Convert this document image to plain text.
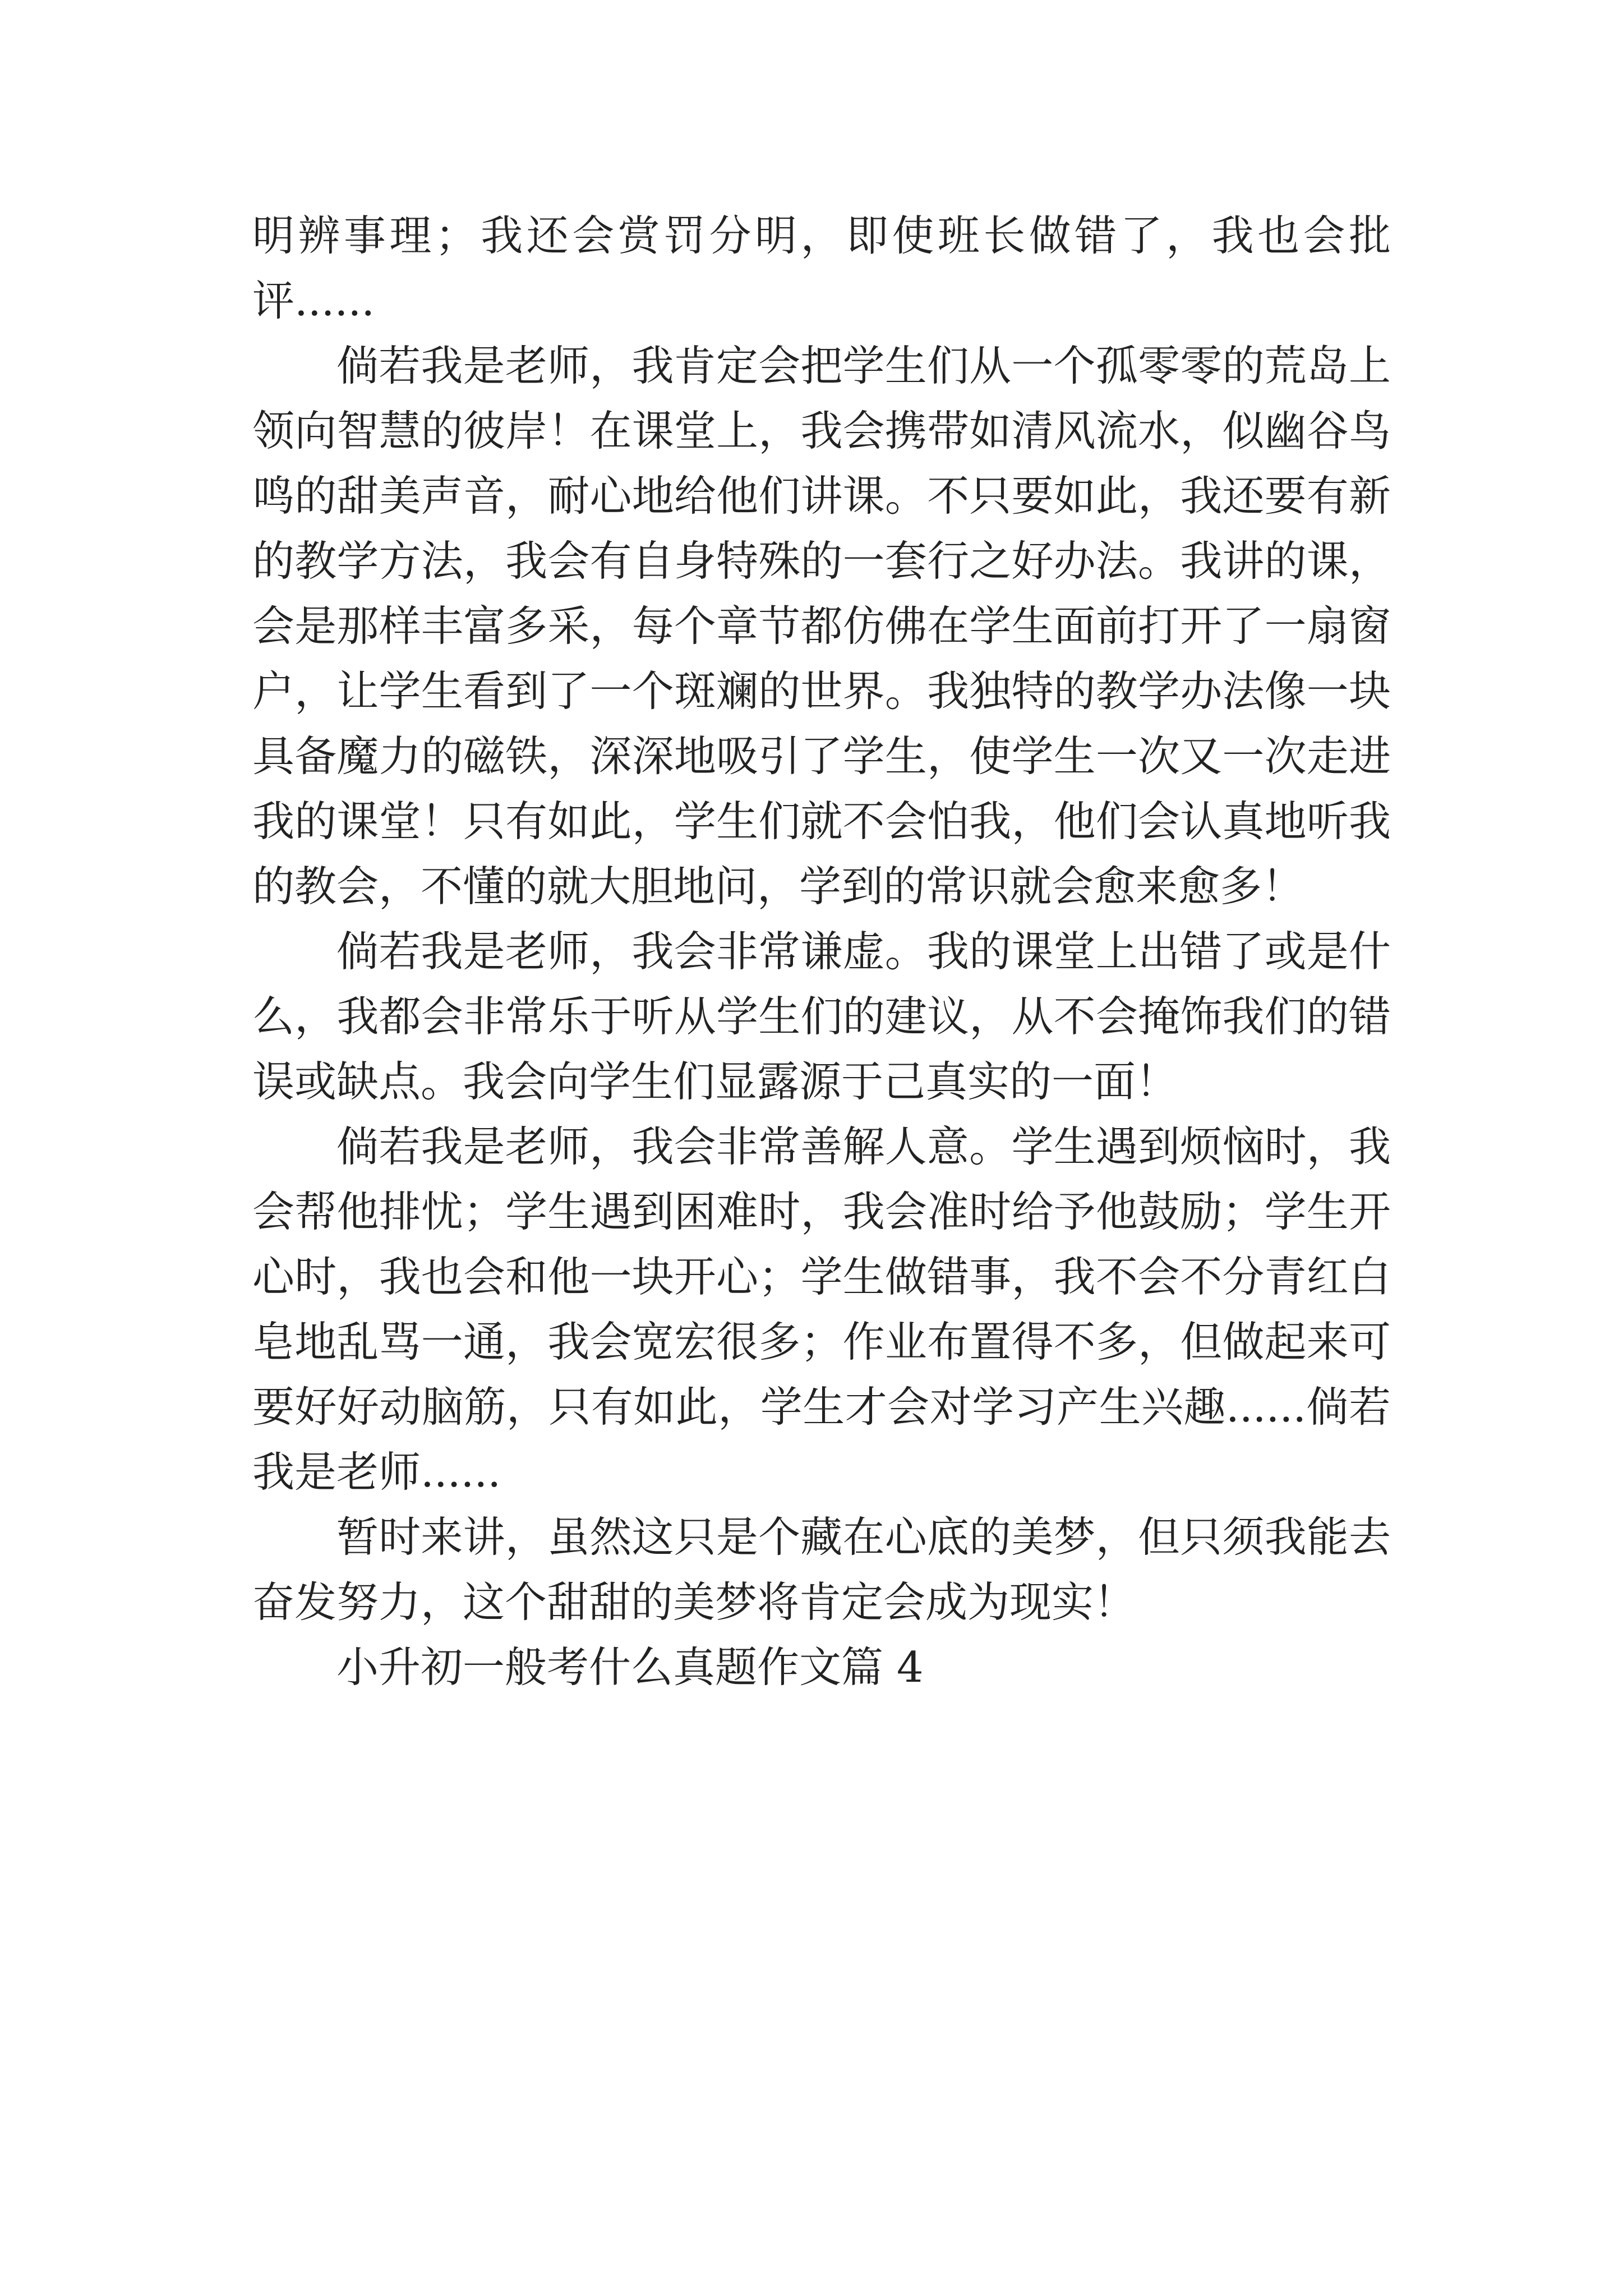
明辨事理；我还会赏罚分明，即使班长做错了，我也会批评......

倘若我是老师，我肯定会把学生们从一个孤零零的荒岛上领向智慧的彼岸！在课堂上，我会携带如清风流水，似幽谷鸟鸣的甜美声音，耐心地给他们讲课。不只要如此，我还要有新的教学方法，我会有自身特殊的一套行之好办法。我讲的课，会是那样丰富多采，每个章节都仿佛在学生面前打开了一扇窗户，让学生看到了一个斑斓的世界。我独特的教学办法像一块具备魔力的磁铁，深深地吸引了学生，使学生一次又一次走进我的课堂！只有如此，学生们就不会怕我，他们会认真地听我的教会，不懂的就大胆地问，学到的常识就会愈来愈多！

倘若我是老师，我会非常谦虚。我的课堂上出错了或是什么，我都会非常乐于听从学生们的建议，从不会掩饰我们的错误或缺点。我会向学生们显露源于己真实的一面！

倘若我是老师，我会非常善解人意。学生遇到烦恼时，我会帮他排忧；学生遇到困难时，我会准时给予他鼓励；学生开心时，我也会和他一块开心；学生做错事，我不会不分青红白皂地乱骂一通，我会宽宏很多；作业布置得不多，但做起来可要好好动脑筋，只有如此，学生才会对学习产生兴趣......倘若我是老师......

暂时来讲，虽然这只是个藏在心底的美梦，但只须我能去奋发努力，这个甜甜的美梦将肯定会成为现实！

小升初一般考什么真题作文篇 4
